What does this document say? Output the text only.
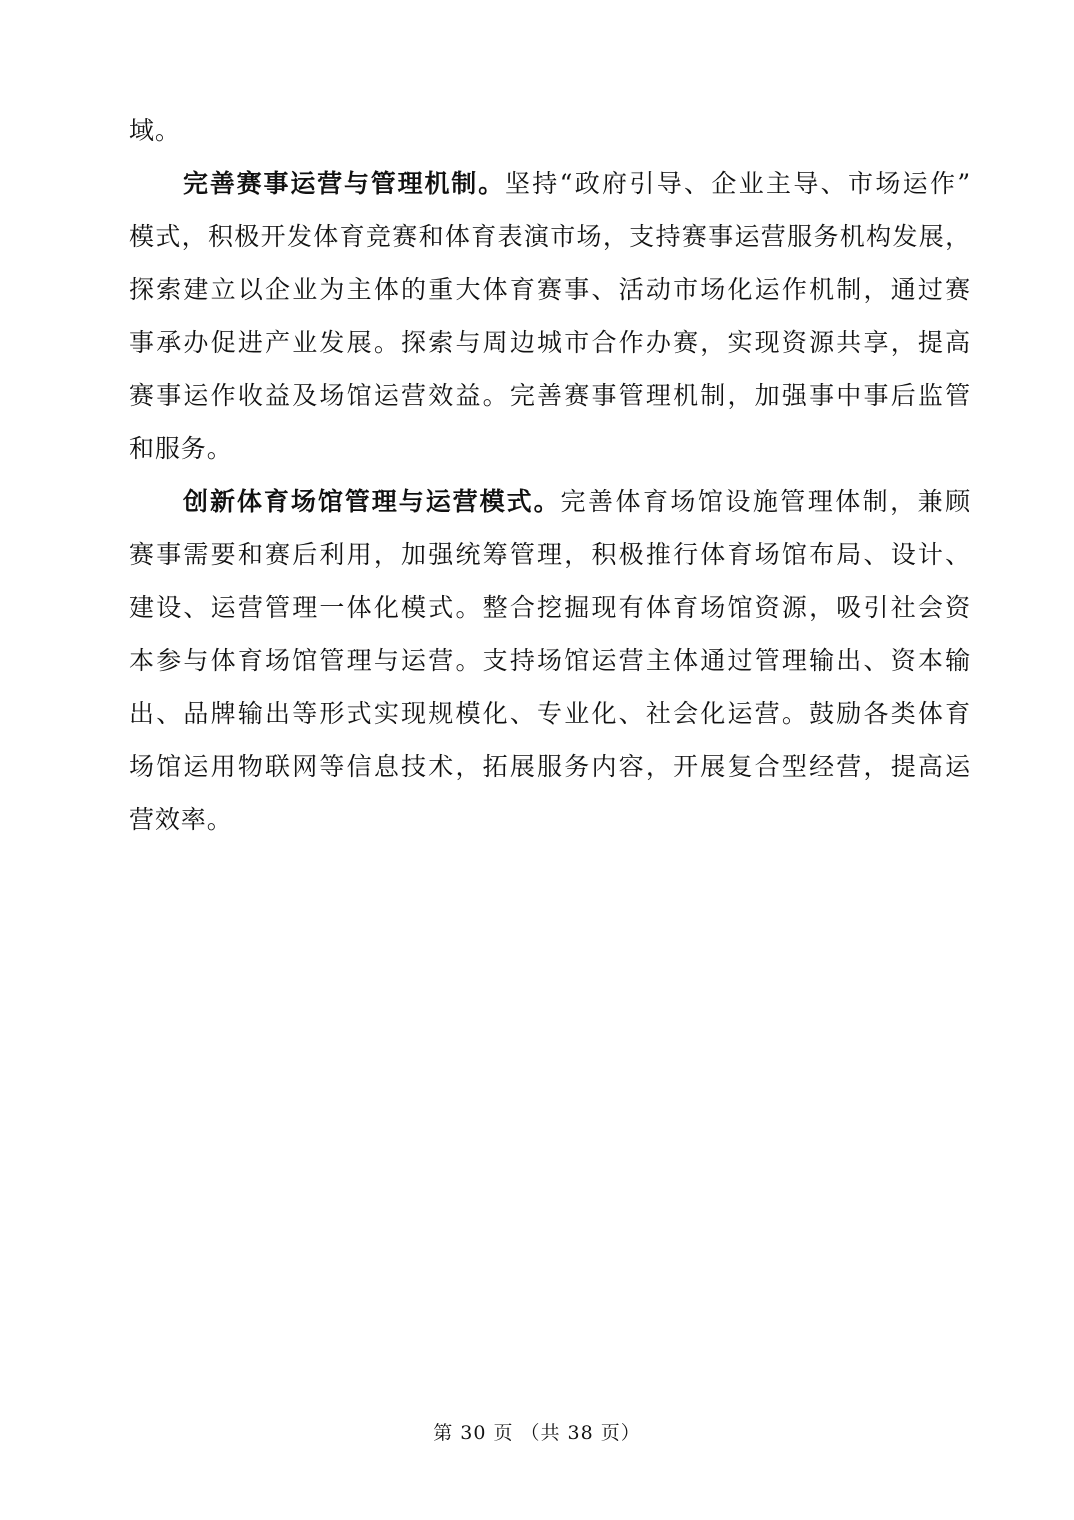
域。
完善赛事运营与管理机制。坚持“政府引导、企业主导、市场运作”
模式，积极开发体育竞赛和体育表演市场，支持赛事运营服务机构发展，
探索建立以企业为主体的重大体育赛事、活动市场化运作机制，通过赛
事承办促进产业发展。探索与周边城市合作办赛，实现资源共享，提高
赛事运作收益及场馆运营效益。完善赛事管理机制，加强事中事后监管
和服务。
创新体育场馆管理与运营模式。完善体育场馆设施管理体制，兼顾
赛事需要和赛后利用，加强统筹管理，积极推行体育场馆布局、设计、
建设、运营管理一体化模式。整合挖掘现有体育场馆资源，吸引社会资
本参与体育场馆管理与运营。支持场馆运营主体通过管理输出、资本输
出、品牌输出等形式实现规模化、专业化、社会化运营。鼓励各类体育
场馆运用物联网等信息技术，拓展服务内容，开展复合型经营，提高运
营效率。
第 30 页 （共 38 页）
